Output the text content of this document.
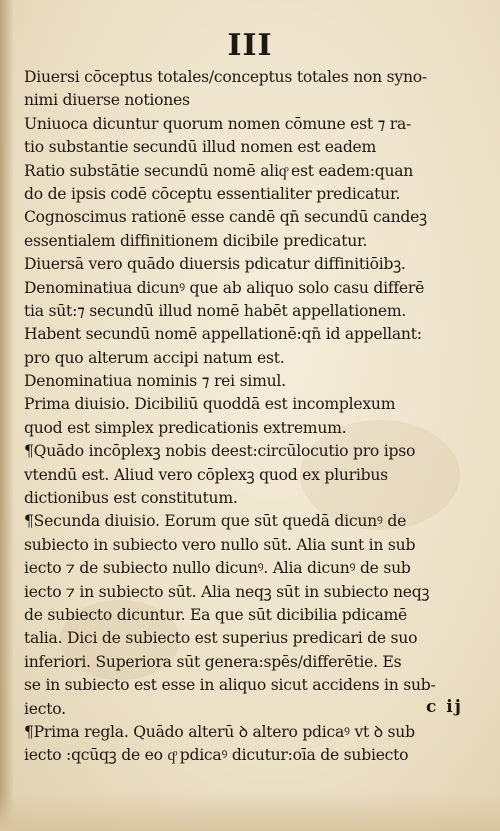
III
Diuersi cōceptus totales/conceptus totales non syno-
nimi diuerse notiones
Uniuoca dicuntur quorum nomen cōmune est ⁊ ra-
tio substantie secundū illud nomen est eadem
Ratio substātie secundū nomē aliqͦ est eadem:quan
do de ipsis codē cōceptu essentialiter predicatur.
Cognoscimus rationē esse candē qn̄ secundū candeꝫ
essentialem diffinitionem dicibile predicatur.
Diuersā vero quādo diuersis pdicatur diffinitiōibꝫ.
Denominatiua dicunꝰ que ab aliquo solo casu differē
tia sūt:⁊ secundū illud nomē habēt appellationem.
Habent secundū nomē appellationē:qn̄ id appellant:
pro quo alterum accipi natum est.
Denominatiua nominis ⁊ rei simul.
Prima diuisio. Dicibiliū quoddā est incomplexum
quod est simplex predicationis extremum.
¶Quādo incōplexꝫ nobis deest:circūlocutio pro ipso
vtendū est. Aliud vero cōplexꝫ quod ex pluribus
dictionibus est constitutum.
¶Secunda diuisio. Eorum que sūt quedā dicunꝰ de
subiecto in subiecto vero nullo sūt. Alia sunt in sub
iecto ⁊ de subiecto nullo dicunꝰ. Alia dicunꝰ de sub
iecto ⁊ in subiecto sūt. Alia neqꝫ sūt in subiecto neqꝫ
de subiecto dicuntur. Ea que sūt dicibilia pdicamē
talia. Dici de subiecto est superius predicari de suo
inferiori. Superiora sūt genera:spēs/differētie. Es
se in subiecto est esse in aliquo sicut accidens in sub-
iecto.
¶Prima regla. Quādo alterū ꝺ altero pdicaꝰ vt ꝺ sub
iecto :qcūqꝫ de eo qͦ pdicaꝰ dicutur:oīa de subiecto
c ij
